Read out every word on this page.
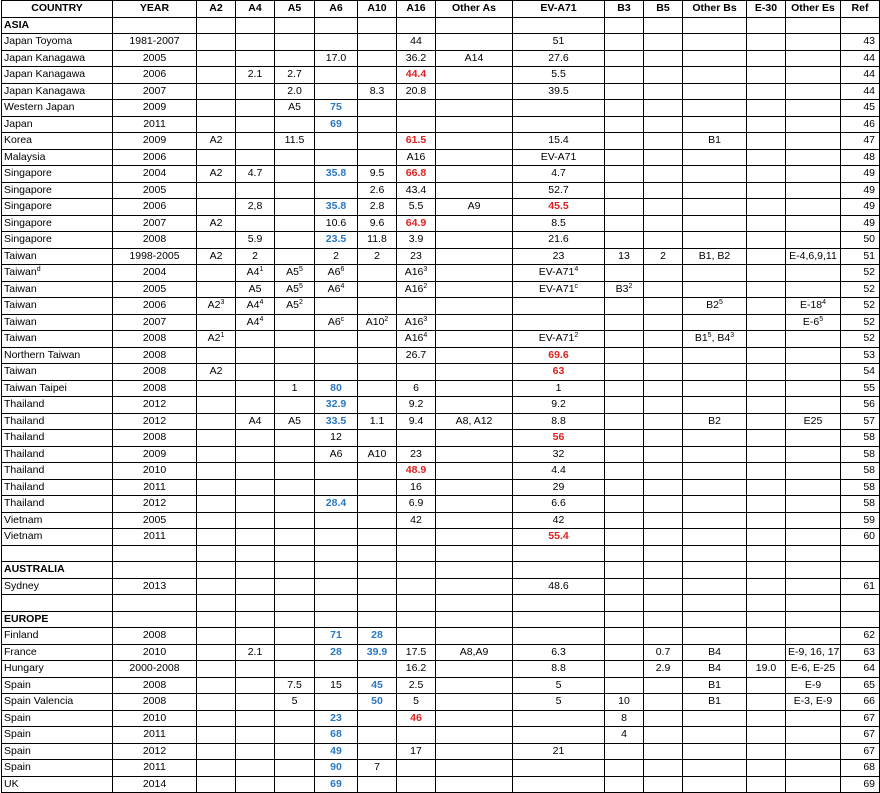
COUNTRY	YEAR	A2	A4	A5	A6	A10	A16	Other As	EV-A71	B3	B5	Other Bs	E-30	Other Es	Ref
ASIA															
Japan Toyoma	1981-2007						44		51						43
Japan Kanagawa	2005				17.0		36.2	A14	27.6						44
Japan Kanagawa	2006		2.1	2.7			44.4		5.5						44
Japan Kanagawa	2007			2.0		8.3	20.8		39.5						44
Western Japan	2009			A5	75										45
Japan	2011				69										46
Korea	2009	A2		11.5			61.5		15.4			B1			47
Malaysia	2006						A16		EV-A71						48
Singapore	2004	A2	4.7		35.8	9.5	66.8		4.7						49
Singapore	2005					2.6	43.4		52.7						49
Singapore	2006		2,8		35.8	2.8	5.5	A9	45.5						49
Singapore	2007	A2			10.6	9.6	64.9		8.5						49
Singapore	2008		5.9		23.5	11.8	3.9		21.6						50
Taiwan	1998-2005	A2	2		2	2	23		23	13	2	B1, B2		E-4,6,9,11	51
Taiwan$^d$	2004		$A4^1$	$A5^5$	$A6^6$		$A16^3$		$EV-A71^4$						52
Taiwan	2005		A5	$A5^5$	$A6^4$		$A16^2$		EV-A71$^c$	$B3^2$					52
Taiwan	2006	$A2^3$	$A4^4$	$A5^2$								$B2^5$		$E-18^4$	52
Taiwan	2007		$A4^4$		A6$^c$	$A10^2$	$A16^3$							$E-6^5$	52
Taiwan	2008	$A2^1$					$A16^4$		$EV-A71^2$			$B1^5$, $B4^3$			52
Northern Taiwan	2008						26.7		69.6						53
Taiwan	2008	A2							63						54
Taiwan Taipei	2008			1	80		6		1						55
Thailand	2012				32.9		9.2		9.2						56
Thailand	2012		A4	A5	33.5	1.1	9.4	A8, A12	8.8			B2		E25	57
Thailand	2008				12				56						58
Thailand	2009				A6	A10	23		32						58
Thailand	2010						48.9		4.4						58
Thailand	2011						16		29						58
Thailand	2012				28.4		6.9		6.6						58
Vietnam	2005						42		42						59
Vietnam	2011								55.4						60

AUSTRALIA															
Sydney	2013								48.6						61

EUROPE															
Finland	2008				71	28									62
France	2010		2.1		28	39.9	17.5	A8,A9	6.3		0.7	B4		E-9, 16, 17	63
Hungary	2000-2008						16.2		8.8		2.9	B4	19.0	E-6, E-25	64
Spain	2008			7.5	15	45	2.5		5			B1		E-9	65
Spain Valencia	2008			5		50	5		5	10		B1		E-3, E-9	66
Spain	2010				23		46			8					67
Spain	2011				68					4					67
Spain	2012				49		17		21						67
Spain	2011				90	7									68
UK	2014				69										69
